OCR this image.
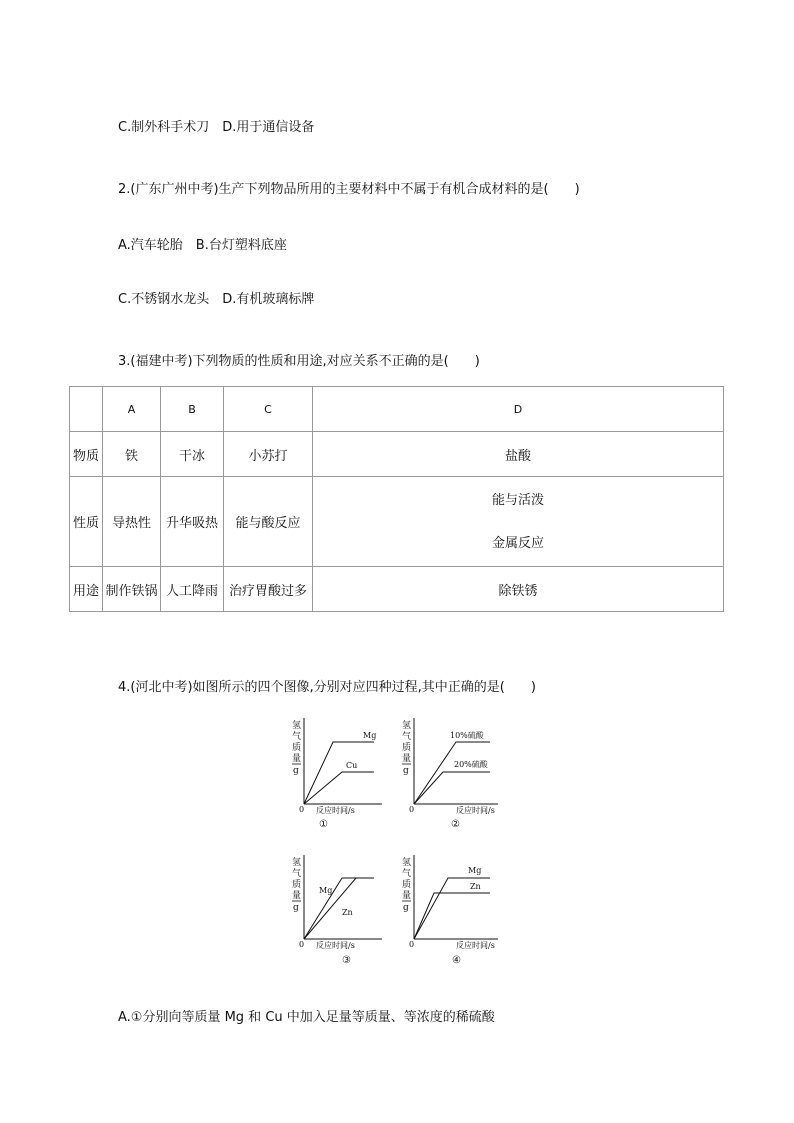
C.制外科手术刀　D.用于通信设备
2.(广东广州中考)生产下列物品所用的主要材料中不属于有机合成材料的是(　　)
A.汽车轮胎　B.台灯塑料底座
C.不锈钢水龙头　D.有机玻璃标牌
3.(福建中考)下列物质的性质和用途,对应关系不正确的是(　　)
	A	B	C	D
物质	铁	干冰	小苏打	盐酸
性质	导热性	升华吸热	能与酸反应	能与活泼
金属反应

用途	制作铁锅	人工降雨	治疗胃酸过多	除铁锈
4.(河北中考)如图所示的四个图像,分别对应四种过程,其中正确的是(　　)
氢
气
质
量
g
0 反应时间/s
Mg
Cu
①
氢
气
质
量
g
0	反应时间/s
10%硫酸
20%硫酸
②
氢
气
质
量
g
0 反应时间/s
Mg
Zn
③
氢
气
质
量
g
0	反应时间/s
Mg
Zn
④
A.①分别向等质量 Mg 和 Cu 中加入足量等质量、等浓度的稀硫酸
